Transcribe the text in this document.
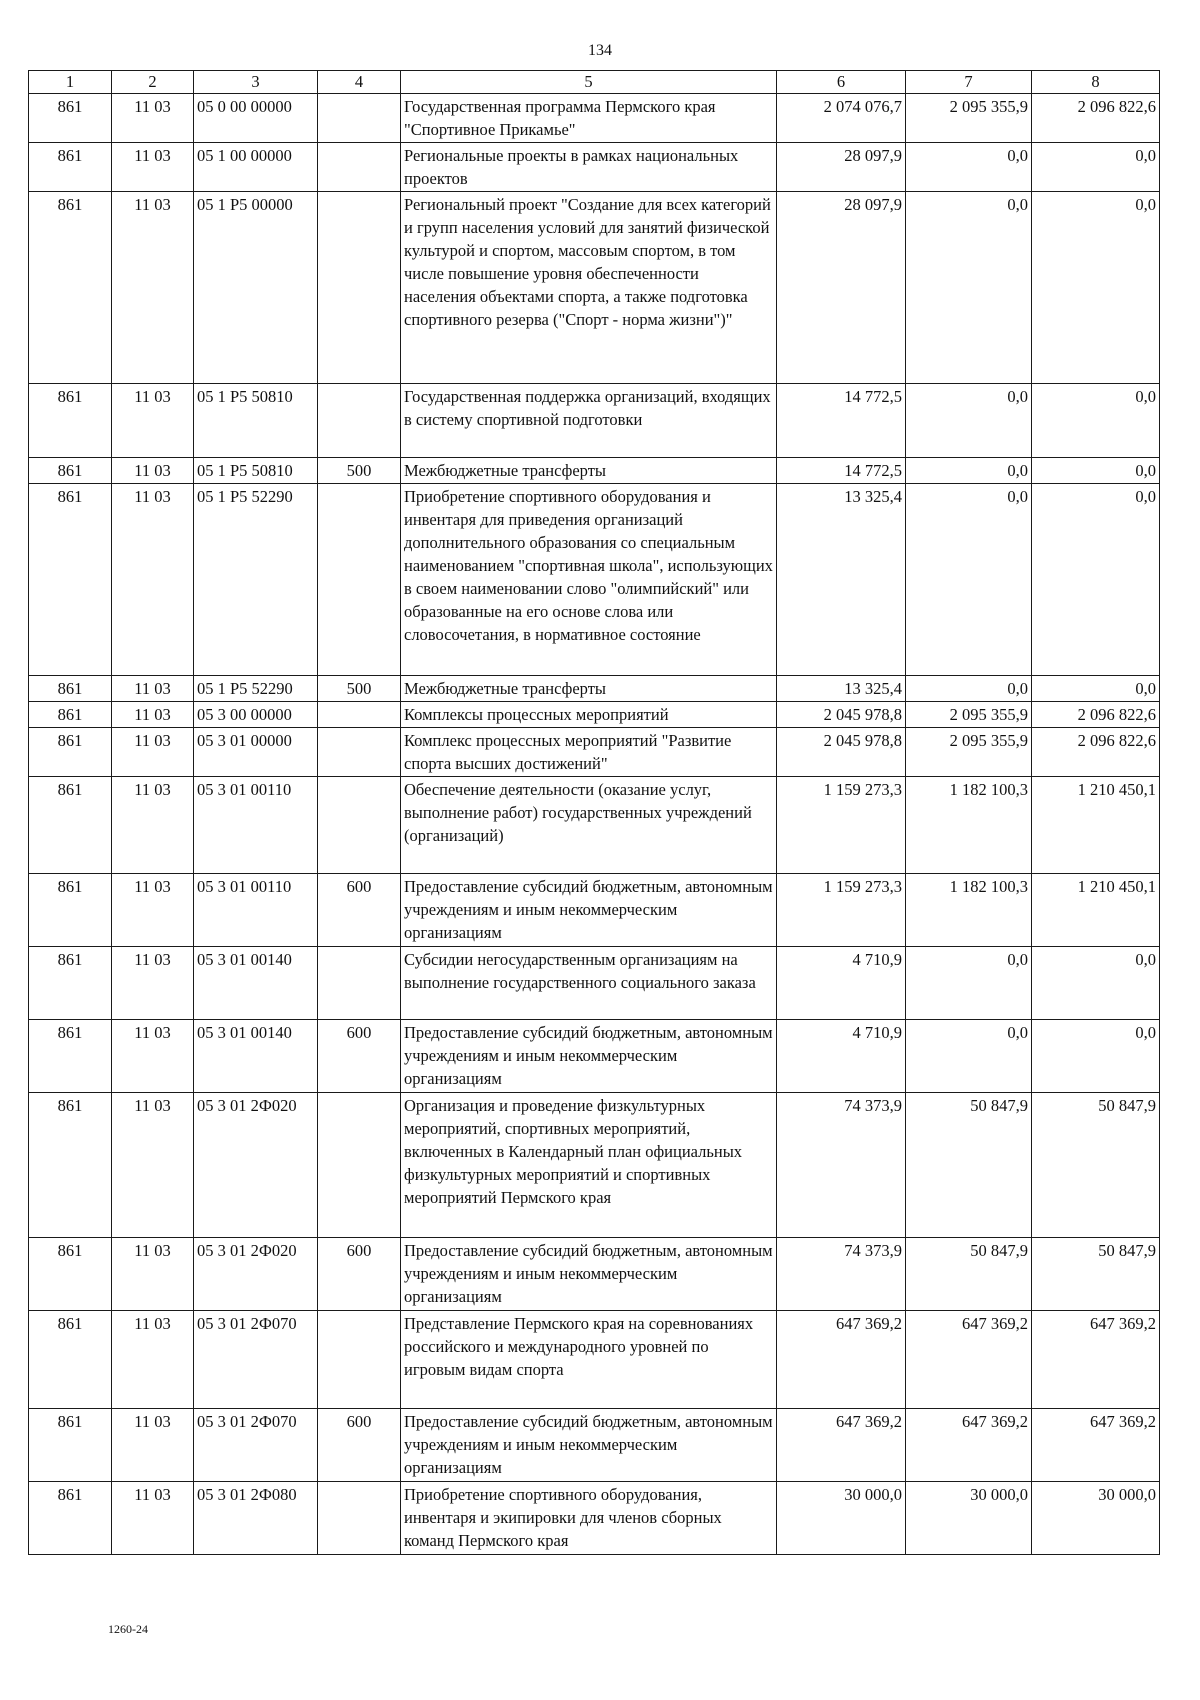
134
1	2	3	4	5	6	7	8
861	11 03	05 0 00 00000		Государственная программа Пермского края "Спортивное Прикамье"	2 074 076,7	2 095 355,9	2 096 822,6
861	11 03	05 1 00 00000		Региональные проекты в рамках национальных проектов	28 097,9	0,0	0,0
861	11 03	05 1 Р5 00000		Региональный проект "Создание для всех категорий и групп населения условий для занятий физической культурой и спортом, массовым спортом, в том числе повышение уровня обеспеченности населения объектами спорта, а также подготовка спортивного резерва ("Спорт - норма жизни")"	28 097,9	0,0	0,0
861	11 03	05 1 Р5 50810		Государственная поддержка организаций, входящих в систему спортивной подготовки	14 772,5	0,0	0,0
861	11 03	05 1 Р5 50810	500	Межбюджетные трансферты	14 772,5	0,0	0,0
861	11 03	05 1 Р5 52290		Приобретение спортивного оборудования и инвентаря для приведения организаций дополнительного образования со специальным наименованием "спортивная школа", использующих в своем наименовании слово "олимпийский" или образованные на его основе слова или словосочетания, в нормативное состояние	13 325,4	0,0	0,0
861	11 03	05 1 Р5 52290	500	Межбюджетные трансферты	13 325,4	0,0	0,0
861	11 03	05 3 00 00000		Комплексы процессных мероприятий	2 045 978,8	2 095 355,9	2 096 822,6
861	11 03	05 3 01 00000		Комплекс процессных мероприятий "Развитие спорта высших достижений"	2 045 978,8	2 095 355,9	2 096 822,6
861	11 03	05 3 01 00110		Обеспечение деятельности (оказание услуг, выполнение работ) государственных учреждений (организаций)	1 159 273,3	1 182 100,3	1 210 450,1
861	11 03	05 3 01 00110	600	Предоставление субсидий бюджетным, автономным учреждениям и иным некоммерческим организациям	1 159 273,3	1 182 100,3	1 210 450,1
861	11 03	05 3 01 00140		Субсидии негосударственным организациям на выполнение государственного социального заказа	4 710,9	0,0	0,0
861	11 03	05 3 01 00140	600	Предоставление субсидий бюджетным, автономным учреждениям и иным некоммерческим организациям	4 710,9	0,0	0,0
861	11 03	05 3 01 2Ф020		Организация и проведение физкультурных мероприятий, спортивных мероприятий, включенных в Календарный план официальных физкультурных мероприятий и спортивных мероприятий Пермского края	74 373,9	50 847,9	50 847,9
861	11 03	05 3 01 2Ф020	600	Предоставление субсидий бюджетным, автономным учреждениям и иным некоммерческим организациям	74 373,9	50 847,9	50 847,9
861	11 03	05 3 01 2Ф070		Представление Пермского края на соревнованиях российского и международного уровней по игровым видам спорта	647 369,2	647 369,2	647 369,2
861	11 03	05 3 01 2Ф070	600	Предоставление субсидий бюджетным, автономным учреждениям и иным некоммерческим организациям	647 369,2	647 369,2	647 369,2
861	11 03	05 3 01 2Ф080		Приобретение спортивного оборудования, инвентаря и экипировки для членов сборных команд Пермского края	30 000,0	30 000,0	30 000,0
1260-24
